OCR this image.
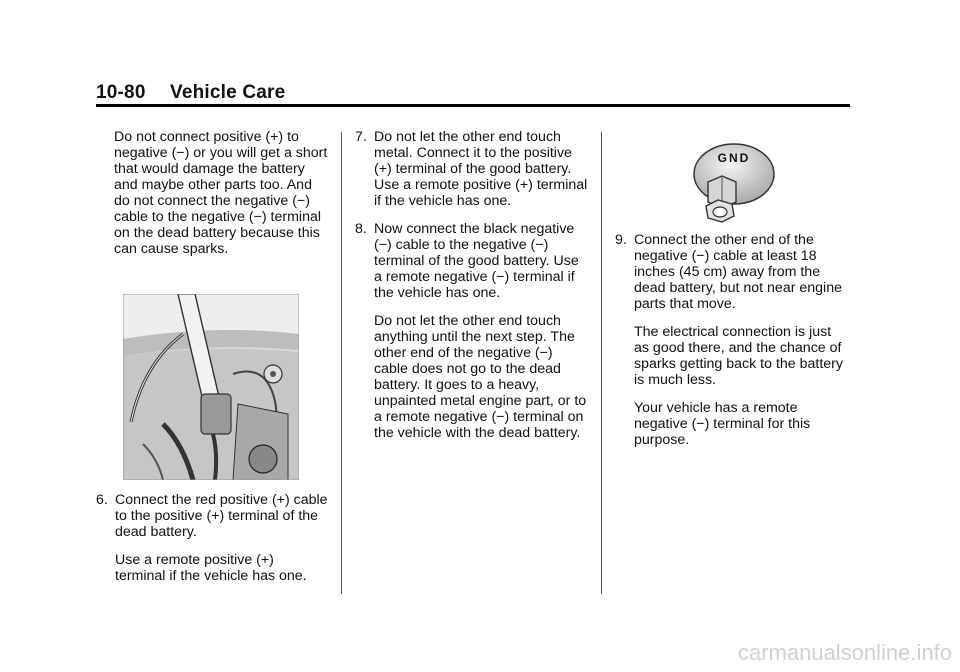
10-80 Vehicle Care

Do not connect positive (+) to negative (−) or you will get a short that would damage the battery and maybe other parts too. And do not connect the negative (−) cable to the negative (−) terminal on the dead battery because this can cause sparks.

6. Connect the red positive (+) cable to the positive (+) terminal of the dead battery.

Use a remote positive (+) terminal if the vehicle has one.

7. Do not let the other end touch metal. Connect it to the positive (+) terminal of the good battery. Use a remote positive (+) terminal if the vehicle has one.
8. Now connect the black negative (−) cable to the negative (−) terminal of the good battery. Use a remote negative (−) terminal if the vehicle has one.

Do not let the other end touch anything until the next step. The other end of the negative (−) cable does not go to the dead battery. It goes to a heavy, unpainted metal engine part, or to a remote negative (−) terminal on the vehicle with the dead battery.

GND
9. Connect the other end of the negative (−) cable at least 18 inches (45 cm) away from the dead battery, but not near engine parts that move.

The electrical connection is just as good there, and the chance of sparks getting back to the battery is much less.

Your vehicle has a remote negative (−) terminal for this purpose.

carmanualsonline.info
